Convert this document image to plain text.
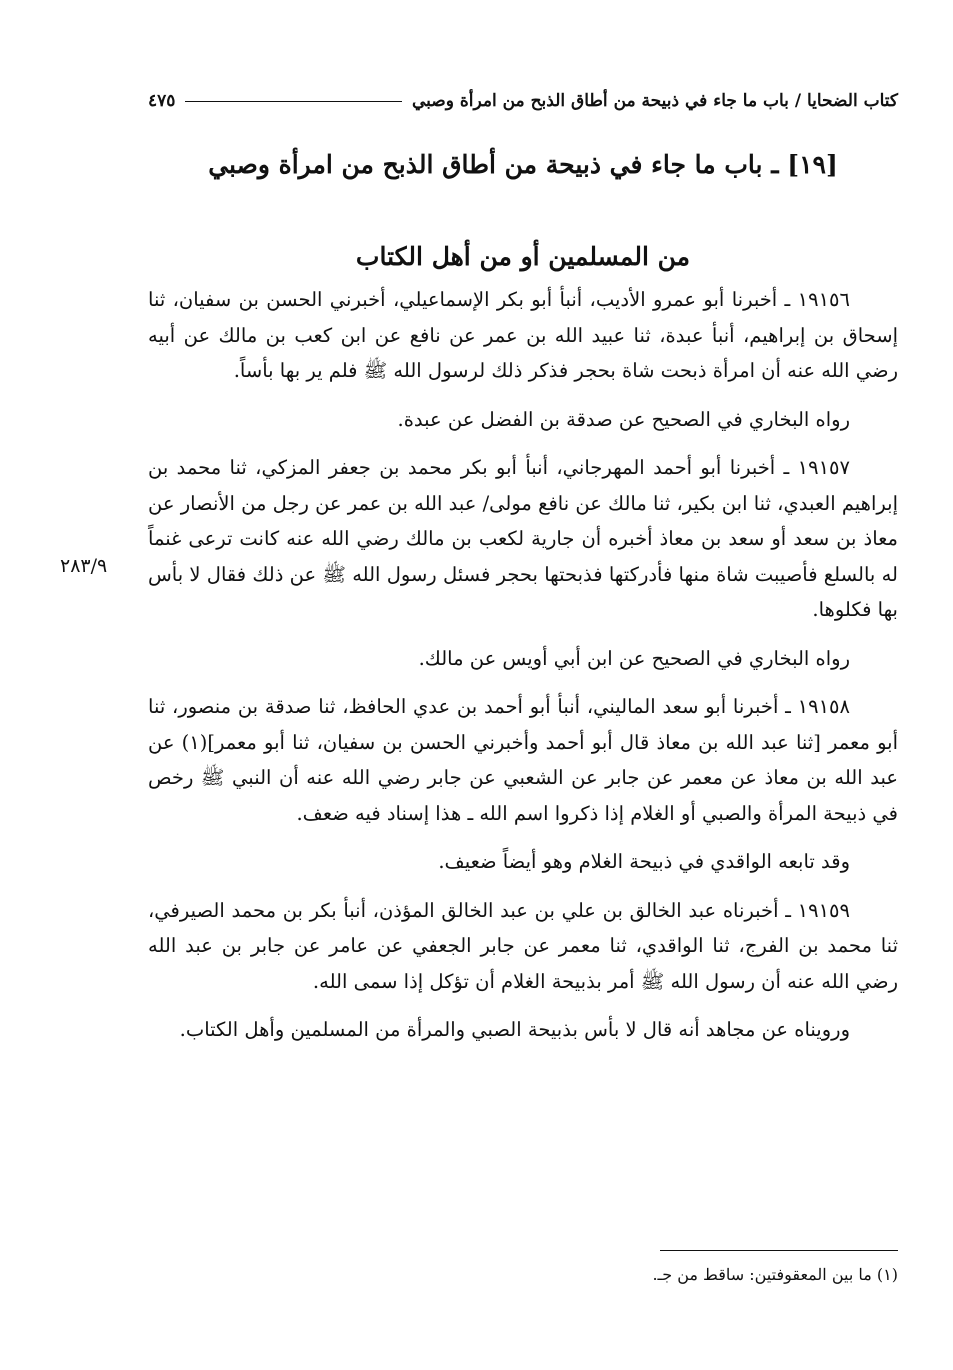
كتاب الضحايا / باب ما جاء في ذبيحة من أطاق الذبح من امرأة وصبي
٤٧٥
[١٩] ـ باب ما جاء في ذبيحة من أطاق الذبح من امرأة وصبي
من المسلمين أو من أهل الكتاب

١٩١٥٦ ـ أخبرنا أبو عمرو الأديب، أنبأ أبو بكر الإسماعيلي، أخبرني الحسن بن سفيان، ثنا إسحاق بن إبراهيم، أنبأ عبدة، ثنا عبيد الله بن عمر عن نافع عن ابن كعب بن مالك عن أبيه رضي الله عنه أن امرأة ذبحت شاة بحجر فذكر ذلك لرسول الله ﷺ فلم ير بها بأساً.

رواه البخاري في الصحيح عن صدقة بن الفضل عن عبدة.

١٩١٥٧ ـ أخبرنا أبو أحمد المهرجاني، أنبأ أبو بكر محمد بن جعفر المزكي، ثنا محمد بن إبراهيم العبدي، ثنا ابن بكير، ثنا مالك عن نافع مولى/ عبد الله بن عمر عن رجل من الأنصار عن معاذ بن سعد أو سعد بن معاذ أخبره أن جارية لكعب بن مالك رضي الله عنه كانت ترعى غنماً له بالسلع فأصيبت شاة منها فأدركتها فذبحتها بحجر فسئل رسول الله ﷺ عن ذلك فقال لا بأس بها فكلوها.

رواه البخاري في الصحيح عن ابن أبي أويس عن مالك.

١٩١٥٨ ـ أخبرنا أبو سعد الماليني، أنبأ أبو أحمد بن عدي الحافظ، ثنا صدقة بن منصور، ثنا أبو معمر [ثنا عبد الله بن معاذ قال أبو أحمد وأخبرني الحسن بن سفيان، ثنا أبو معمر](١) عن عبد الله بن معاذ عن معمر عن جابر عن الشعبي عن جابر رضي الله عنه أن النبي ﷺ رخص في ذبيحة المرأة والصبي أو الغلام إذا ذكروا اسم الله ـ هذا إسناد فيه ضعف.

وقد تابعه الواقدي في ذبيحة الغلام وهو أيضاً ضعيف.

١٩١٥٩ ـ أخبرناه عبد الخالق بن علي بن عبد الخالق المؤذن، أنبأ بكر بن محمد الصيرفي، ثنا محمد بن الفرج، ثنا الواقدي، ثنا معمر عن جابر الجعفي عن عامر عن جابر بن عبد الله رضي الله عنه أن رسول الله ﷺ أمر بذبيحة الغلام أن تؤكل إذا سمى الله.

ورويناه عن مجاهد أنه قال لا بأس بذبيحة الصبي والمرأة من المسلمين وأهل الكتاب.

٢٨٣/٩
(١) ما بين المعقوفتين: ساقط من جـ.
